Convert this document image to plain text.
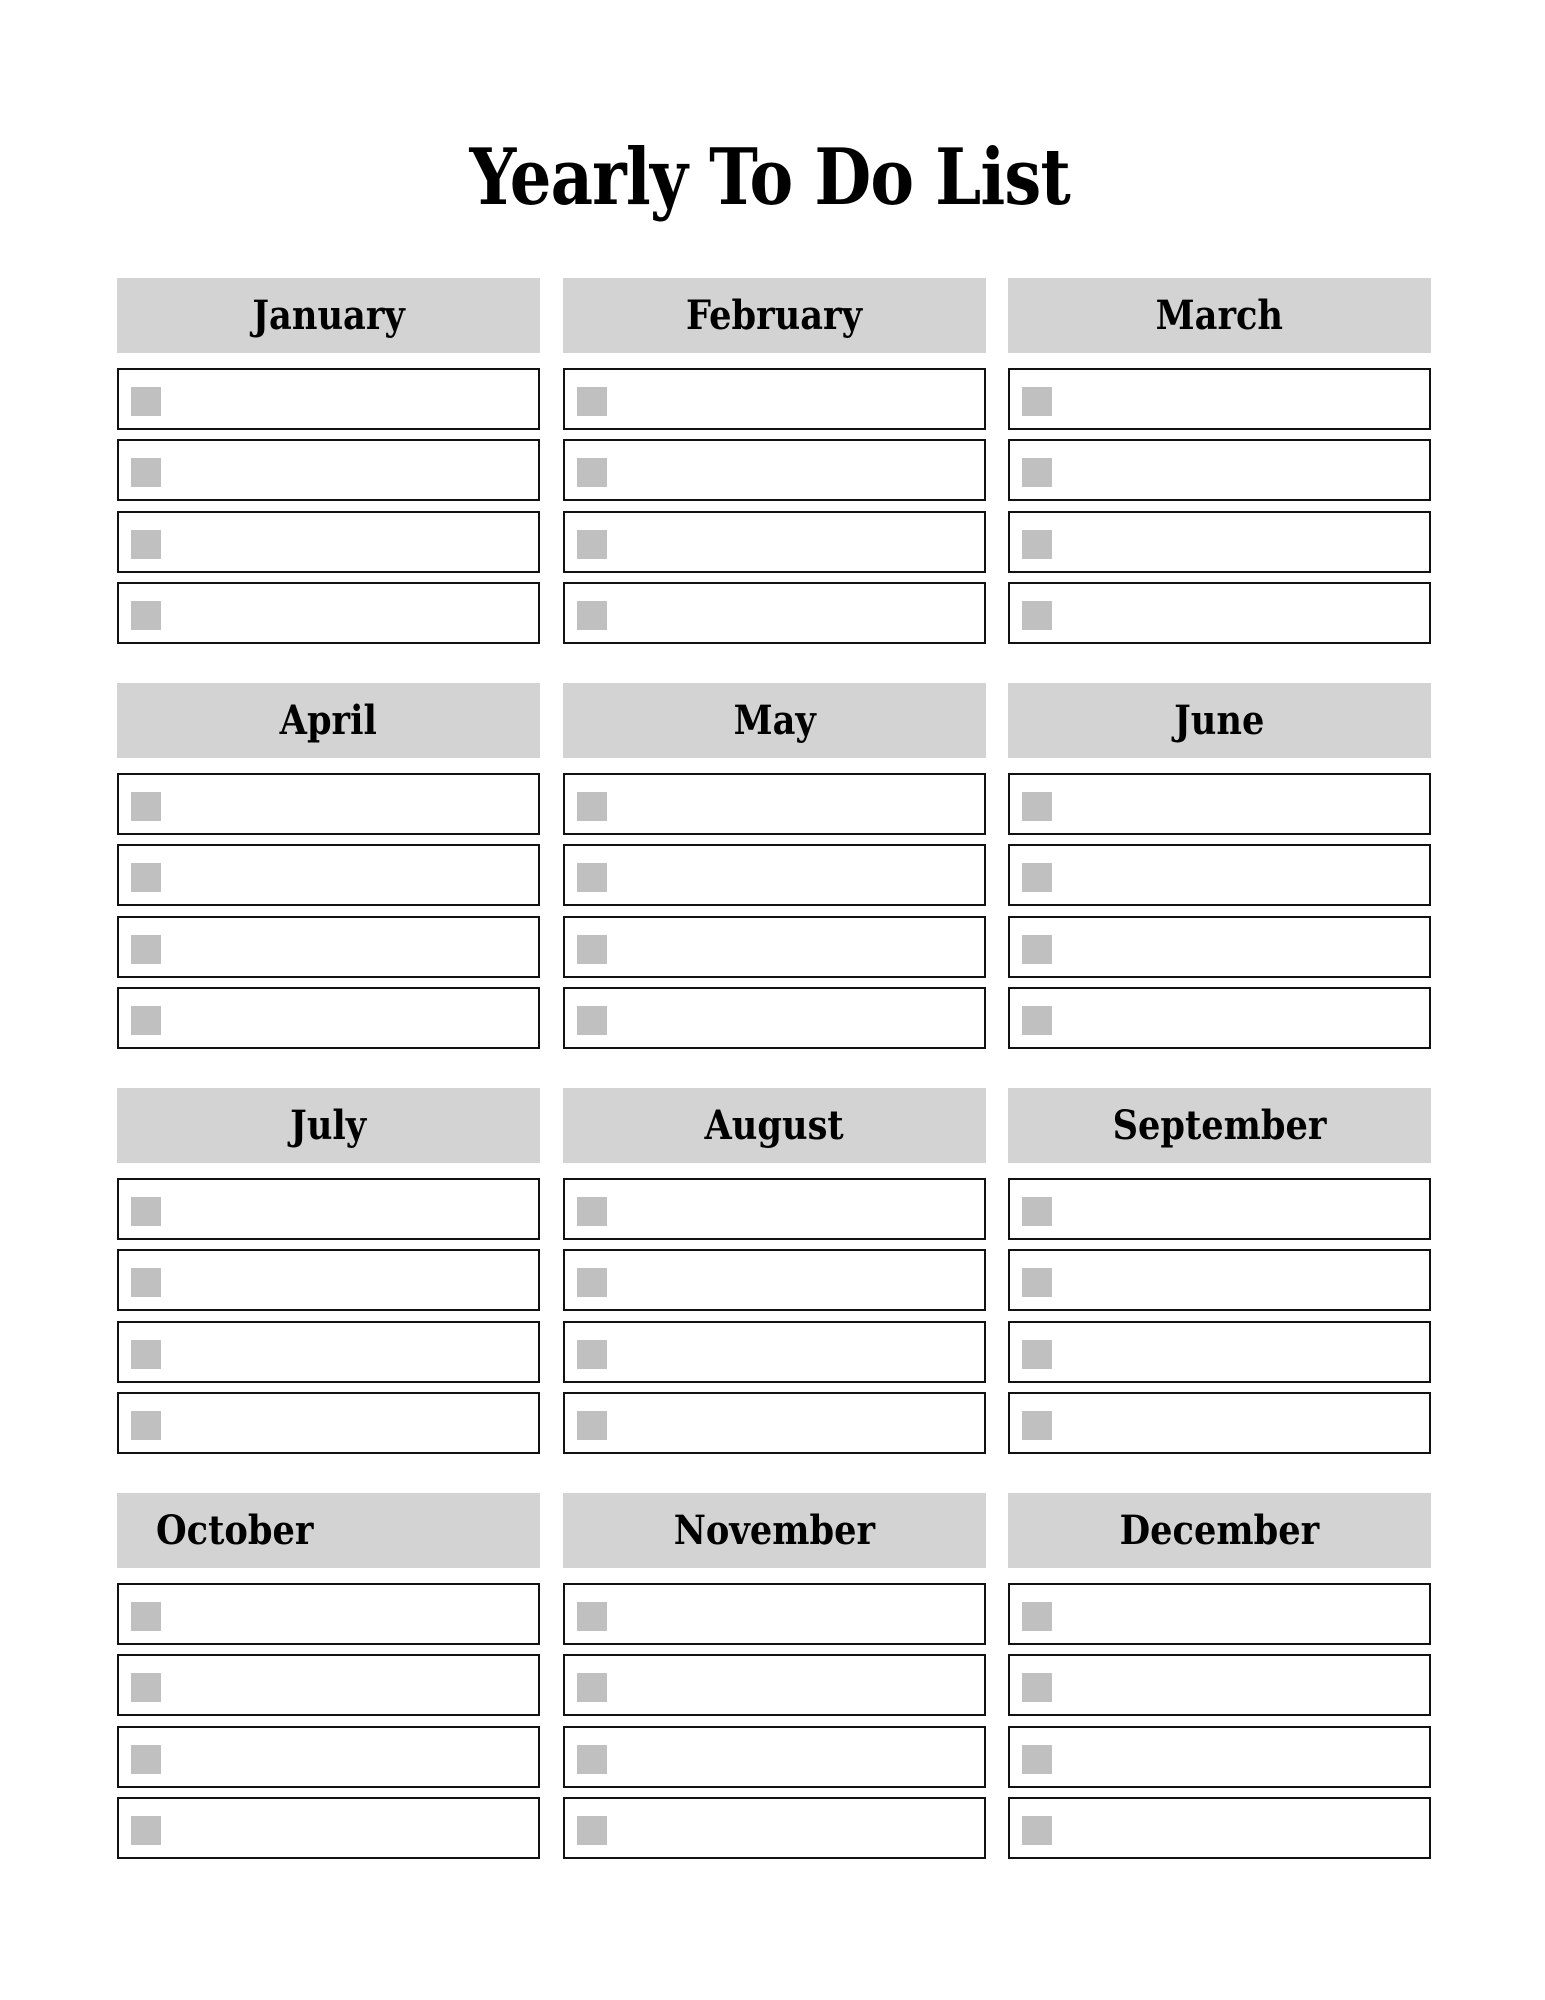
Yearly To Do List
January	February	March
April	May	June
July	August	September
October	November	December
